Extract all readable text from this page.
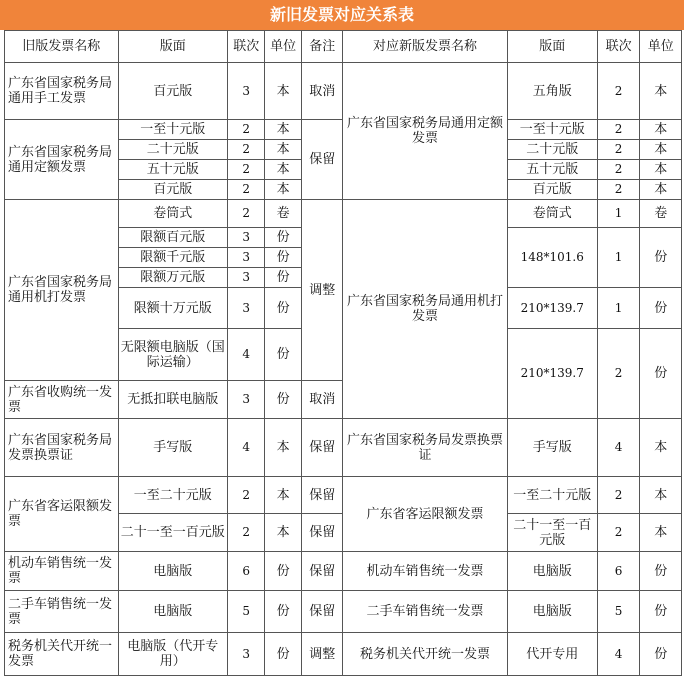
新旧发票对应关系表
旧版发票名称	版面	联次	单位	备注	对应新版发票名称	版面	联次	单位
广东省国家税务局通用手工发票	百元版	3	本	取消	广东省国家税务局通用定额发票	五角版	2	本
广东省国家税务局通用定额发票	一至十元版	2	本	保留		一至十元版	2	本
	二十元版	2	本			二十元版	2	本
	五十元版	2	本			五十元版	2	本
	百元版	2	本			百元版	2	本
广东省国家税务局通用机打发票	卷筒式	2	卷	调整	广东省国家税务局通用机打发票	卷筒式	1	卷
	限额百元版	3	份			148*101.6	1	份
	限额千元版	3	份					
	限额万元版	3	份					
	限额十万元版	3	份			210*139.7	1	份
	无限额电脑版（国际运输）	4	份			210*139.7	2	份
广东省收购统一发票	无抵扣联电脑版	3	份	取消				
广东省国家税务局发票换票证	手写版	4	本	保留	广东省国家税务局发票换票证	手写版	4	本
广东省客运限额发票	一至二十元版	2	本	保留	广东省客运限额发票	一至二十元版	2	本
	二十一至一百元版	2	本	保留		二十一至一百元版	2	本
机动车销售统一发票	电脑版	6	份	保留	机动车销售统一发票	电脑版	6	份
二手车销售统一发票	电脑版	5	份	保留	二手车销售统一发票	电脑版	5	份
税务机关代开统一发票	电脑版（代开专用）	3	份	调整	税务机关代开统一发票	代开专用	4	份
